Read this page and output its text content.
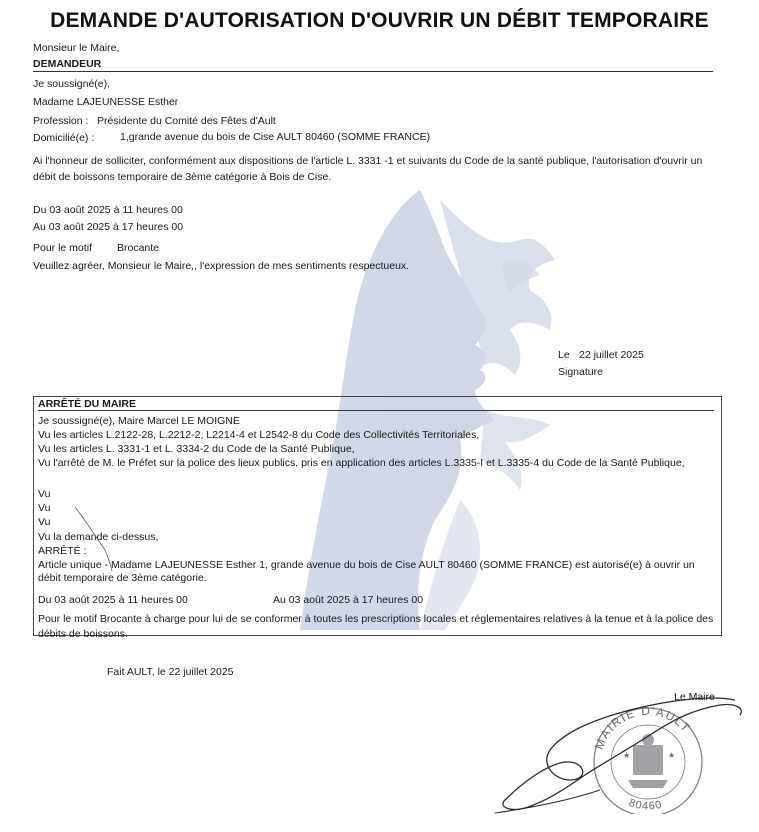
DEMANDE D'AUTORISATION D'OUVRIR UN DÉBIT TEMPORAIRE
Monsieur le Maire,
DEMANDEUR
Je soussigné(e),
Madame LAJEUNESSE Esther
Profession : Présidente du Comité des Fêtes d'Ault
Domicilié(e) : 1,grande avenue du bois de Cise AULT 80460 (SOMME FRANCE)
Ai l'honneur de solliciter, conformément aux dispositions de l'article L. 3331 -1 et suivants du Code de la santé publique, l'autorisation d'ouvrir un débit de boissons temporaire de 3ème catégorie à Bois de Cise.
Du 03 août 2025 à 11 heures 00
Au 03 août 2025 à 17 heures 00
Pour le motif Brocante
Veuillez agréer, Monsieur le Maire,, l'expression de mes sentiments respectueux.
Le 22 juillet 2025
Signature
ARRÊTÉ DU MAIRE
Je soussigné(e), Maire Marcel LE MOIGNE
Vu les articles L.2122-28, L.2212-2, L2214-4 et L2542-8 du Code des Collectivités Territoriales,
Vu les articles L. 3331-1 et L. 3334-2 du Code de la Santé Publique,
Vu l'arrêté de M. le Préfet sur la police des lieux publics, pris en application des articles L.3335-I et L.3335-4 du Code de la Santé Publique,
Vu
Vu
Vu
Vu la demande ci-dessus,
ARRÊTÉ :
Article unique - Madame LAJEUNESSE Esther 1, grande avenue du bois de Cise AULT 80460 (SOMME FRANCE) est autorisé(e) à ouvrir un débit temporaire de 3ème catégorie.
Du 03 août 2025 à 11 heures 00	Au 03 août 2025 à 17 heures 00
Pour le motif Brocante à charge pour lui de se conformer à toutes les prescriptions locales et réglementaires relatives à la tenue et à la police des débits de boissons.
Fait AULT, le 22 juillet 2025
Le Maire
MAIRIE D'AULT
80460
★	★
